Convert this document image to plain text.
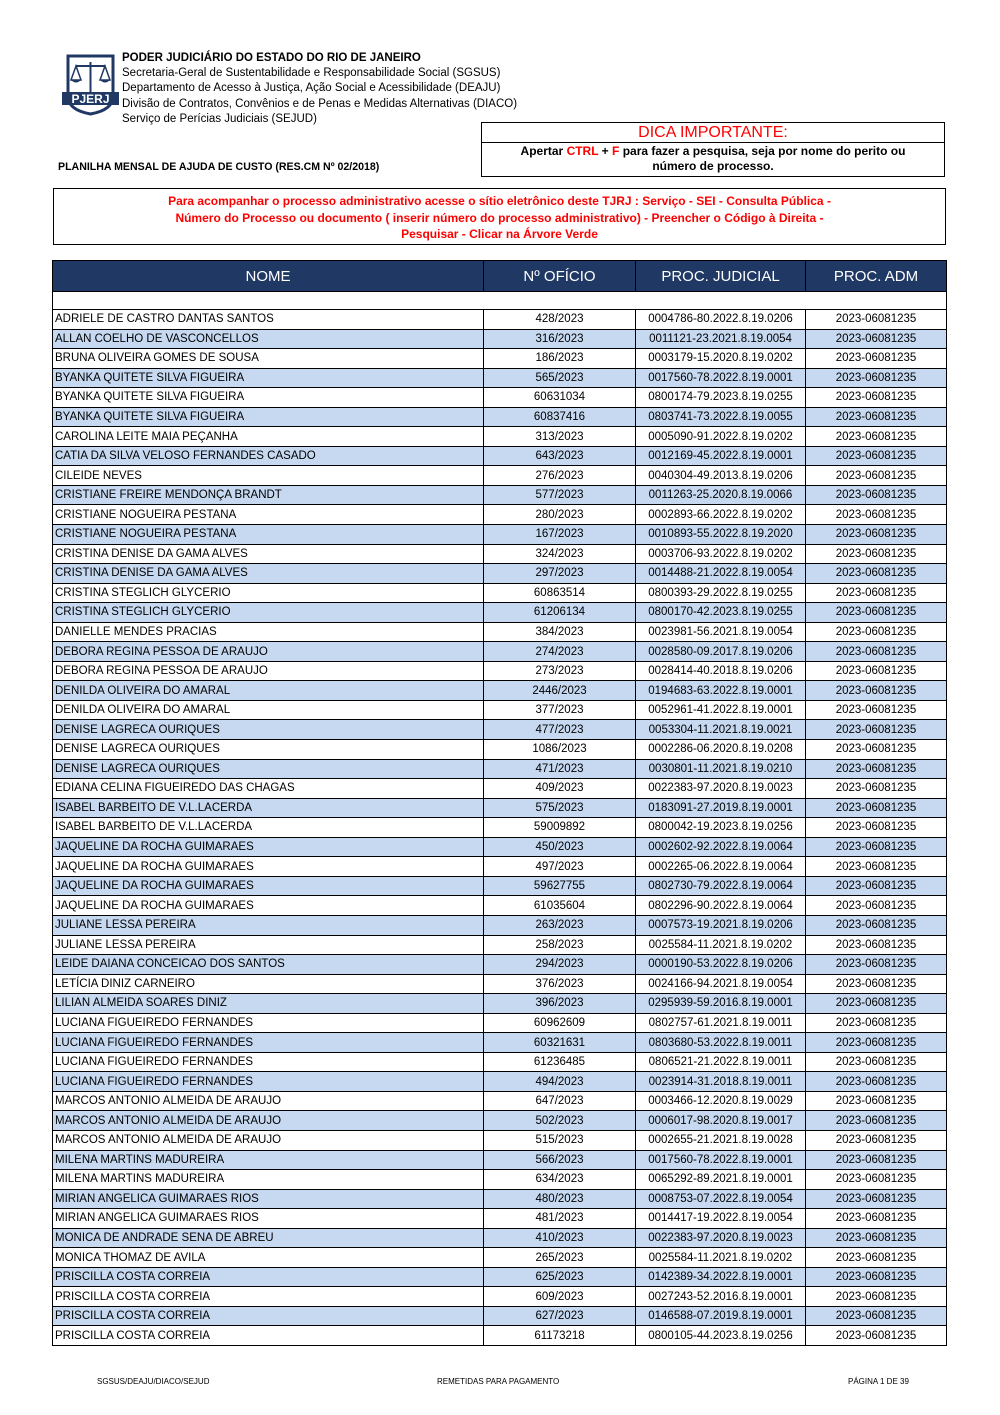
PJERJ
PODER JUDICIÁRIO DO ESTADO DO RIO DE JANEIRO
Secretaria-Geral de Sustentabilidade e Responsabilidade Social (SGSUS)
Departamento de Acesso à Justiça, Ação Social e Acessibilidade (DEAJU)
Divisão de Contratos, Convênios e de Penas e Medidas Alternativas (DIACO)
Serviço de Perícias Judiciais (SEJUD)
PLANILHA MENSAL DE AJUDA DE CUSTO (RES.CM Nº 02/2018)
DICA IMPORTANTE:
Apertar CTRL + F para fazer a pesquisa, seja por nome do perito ou
número de processo.
Para acompanhar o processo administrativo acesse o sítio eletrônico deste TJRJ : Serviço - SEI - Consulta Pública -
Número do Processo ou documento ( inserir número do processo administrativo) - Preencher o Código à Direita -
Pesquisar - Clicar na Árvore Verde
NOME	Nº OFÍCIO	PROC. JUDICIAL	PROC. ADM

ADRIELE DE CASTRO DANTAS SANTOS	428/2023	0004786-80.2022.8.19.0206	2023-06081235
ALLAN COELHO DE VASCONCELLOS	316/2023	0011121-23.2021.8.19.0054	2023-06081235
BRUNA OLIVEIRA GOMES DE SOUSA	186/2023	0003179-15.2020.8.19.0202	2023-06081235
BYANKA QUITETE SILVA FIGUEIRA	565/2023	0017560-78.2022.8.19.0001	2023-06081235
BYANKA QUITETE SILVA FIGUEIRA	60631034	0800174-79.2023.8.19.0255	2023-06081235
BYANKA QUITETE SILVA FIGUEIRA	60837416	0803741-73.2022.8.19.0055	2023-06081235
CAROLINA LEITE MAIA PEÇANHA	313/2023	0005090-91.2022.8.19.0202	2023-06081235
CATIA DA SILVA VELOSO FERNANDES CASADO	643/2023	0012169-45.2022.8.19.0001	2023-06081235
CILEIDE NEVES	276/2023	0040304-49.2013.8.19.0206	2023-06081235
CRISTIANE FREIRE MENDONÇA BRANDT	577/2023	0011263-25.2020.8.19.0066	2023-06081235
CRISTIANE NOGUEIRA PESTANA	280/2023	0002893-66.2022.8.19.0202	2023-06081235
CRISTIANE NOGUEIRA PESTANA	167/2023	0010893-55.2022.8.19.2020	2023-06081235
CRISTINA DENISE DA GAMA ALVES	324/2023	0003706-93.2022.8.19.0202	2023-06081235
CRISTINA DENISE DA GAMA ALVES	297/2023	0014488-21.2022.8.19.0054	2023-06081235
CRISTINA STEGLICH GLYCERIO	60863514	0800393-29.2022.8.19.0255	2023-06081235
CRISTINA STEGLICH GLYCERIO	61206134	0800170-42.2023.8.19.0255	2023-06081235
DANIELLE MENDES PRACIAS	384/2023	0023981-56.2021.8.19.0054	2023-06081235
DEBORA REGINA PESSOA DE ARAUJO	274/2023	0028580-09.2017.8.19.0206	2023-06081235
DEBORA REGINA PESSOA DE ARAUJO	273/2023	0028414-40.2018.8.19.0206	2023-06081235
DENILDA OLIVEIRA DO AMARAL	2446/2023	0194683-63.2022.8.19.0001	2023-06081235
DENILDA OLIVEIRA DO AMARAL	377/2023	0052961-41.2022.8.19.0001	2023-06081235
DENISE LAGRECA OURIQUES	477/2023	0053304-11.2021.8.19.0021	2023-06081235
DENISE LAGRECA OURIQUES	1086/2023	0002286-06.2020.8.19.0208	2023-06081235
DENISE LAGRECA OURIQUES	471/2023	0030801-11.2021.8.19.0210	2023-06081235
EDIANA CELINA FIGUEIREDO DAS CHAGAS	409/2023	0022383-97.2020.8.19.0023	2023-06081235
ISABEL BARBEITO DE V.L.LACERDA	575/2023	0183091-27.2019.8.19.0001	2023-06081235
ISABEL BARBEITO DE V.L.LACERDA	59009892	0800042-19.2023.8.19.0256	2023-06081235
JAQUELINE DA ROCHA GUIMARAES	450/2023	0002602-92.2022.8.19.0064	2023-06081235
JAQUELINE DA ROCHA GUIMARAES	497/2023	0002265-06.2022.8.19.0064	2023-06081235
JAQUELINE DA ROCHA GUIMARAES	59627755	0802730-79.2022.8.19.0064	2023-06081235
JAQUELINE DA ROCHA GUIMARAES	61035604	0802296-90.2022.8.19.0064	2023-06081235
JULIANE LESSA PEREIRA	263/2023	0007573-19.2021.8.19.0206	2023-06081235
JULIANE LESSA PEREIRA	258/2023	0025584-11.2021.8.19.0202	2023-06081235
LEIDE DAIANA CONCEICAO DOS SANTOS	294/2023	0000190-53.2022.8.19.0206	2023-06081235
LETÍCIA DINIZ CARNEIRO	376/2023	0024166-94.2021.8.19.0054	2023-06081235
LILIAN ALMEIDA SOARES DINIZ	396/2023	0295939-59.2016.8.19.0001	2023-06081235
LUCIANA FIGUEIREDO FERNANDES	60962609	0802757-61.2021.8.19.0011	2023-06081235
LUCIANA FIGUEIREDO FERNANDES	60321631	0803680-53.2022.8.19.0011	2023-06081235
LUCIANA FIGUEIREDO FERNANDES	61236485	0806521-21.2022.8.19.0011	2023-06081235
LUCIANA FIGUEIREDO FERNANDES	494/2023	0023914-31.2018.8.19.0011	2023-06081235
MARCOS ANTONIO ALMEIDA DE ARAUJO	647/2023	0003466-12.2020.8.19.0029	2023-06081235
MARCOS ANTONIO ALMEIDA DE ARAUJO	502/2023	0006017-98.2020.8.19.0017	2023-06081235
MARCOS ANTONIO ALMEIDA DE ARAUJO	515/2023	0002655-21.2021.8.19.0028	2023-06081235
MILENA MARTINS MADUREIRA	566/2023	0017560-78.2022.8.19.0001	2023-06081235
MILENA MARTINS MADUREIRA	634/2023	0065292-89.2021.8.19.0001	2023-06081235
MIRIAN ANGELICA GUIMARAES RIOS	480/2023	0008753-07.2022.8.19.0054	2023-06081235
MIRIAN ANGELICA GUIMARAES RIOS	481/2023	0014417-19.2022.8.19.0054	2023-06081235
MONICA DE ANDRADE SENA DE ABREU	410/2023	0022383-97.2020.8.19.0023	2023-06081235
MONICA THOMAZ DE AVILA	265/2023	0025584-11.2021.8.19.0202	2023-06081235
PRISCILLA COSTA CORREIA	625/2023	0142389-34.2022.8.19.0001	2023-06081235
PRISCILLA COSTA CORREIA	609/2023	0027243-52.2016.8.19.0001	2023-06081235
PRISCILLA COSTA CORREIA	627/2023	0146588-07.2019.8.19.0001	2023-06081235
PRISCILLA COSTA CORREIA	61173218	0800105-44.2023.8.19.0256	2023-06081235
SGSUS/DEAJU/DIACO/SEJUD	REMETIDAS PARA PAGAMENTO	PÁGINA 1 DE 39
